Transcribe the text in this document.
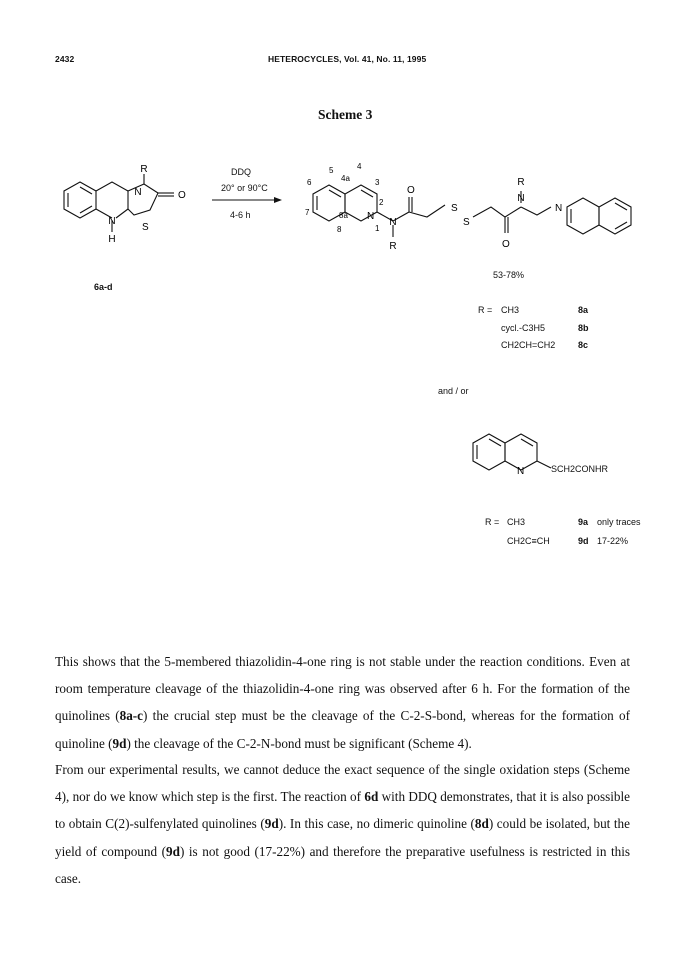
2432	HETEROCYCLES, Vol. 41, No. 11, 1995
Scheme 3
R
N	O
N
H
S
6a-d
DDQ
20° or 90°C
4-6 h
5
4a
4
6	3
2
7	8a
8
N
1
N
R
O
S
S
O
N
R
N
53-78%
R = CH3	8a
cycl.-C3H5	8b
CH2CH=CH2	8c
and / or
N	SCH2CONHR
R = CH3	9a only traces
CH2C≡CH	9d 17-22%

This shows that the 5-membered thiazolidin-4-one ring is not stable under the reaction conditions. Even at room temperature cleavage of the thiazolidin-4-one ring was observed after 6 h. For the formation of the quinolines (8a-c) the crucial step must be the cleavage of the C-2-S-bond, whereas for the formation of quinoline (9d) the cleavage of the C-2-N-bond must be significant (Scheme 4).

From our experimental results, we cannot deduce the exact sequence of the single oxidation steps (Scheme 4), nor do we know which step is the first. The reaction of 6d with DDQ demonstrates, that it is also possible to obtain C(2)-sulfenylated quinolines (9d). In this case, no dimeric quinoline (8d) could be isolated, but the yield of compound (9d) is not good (17-22%) and therefore the preparative usefulness is restricted in this case.
